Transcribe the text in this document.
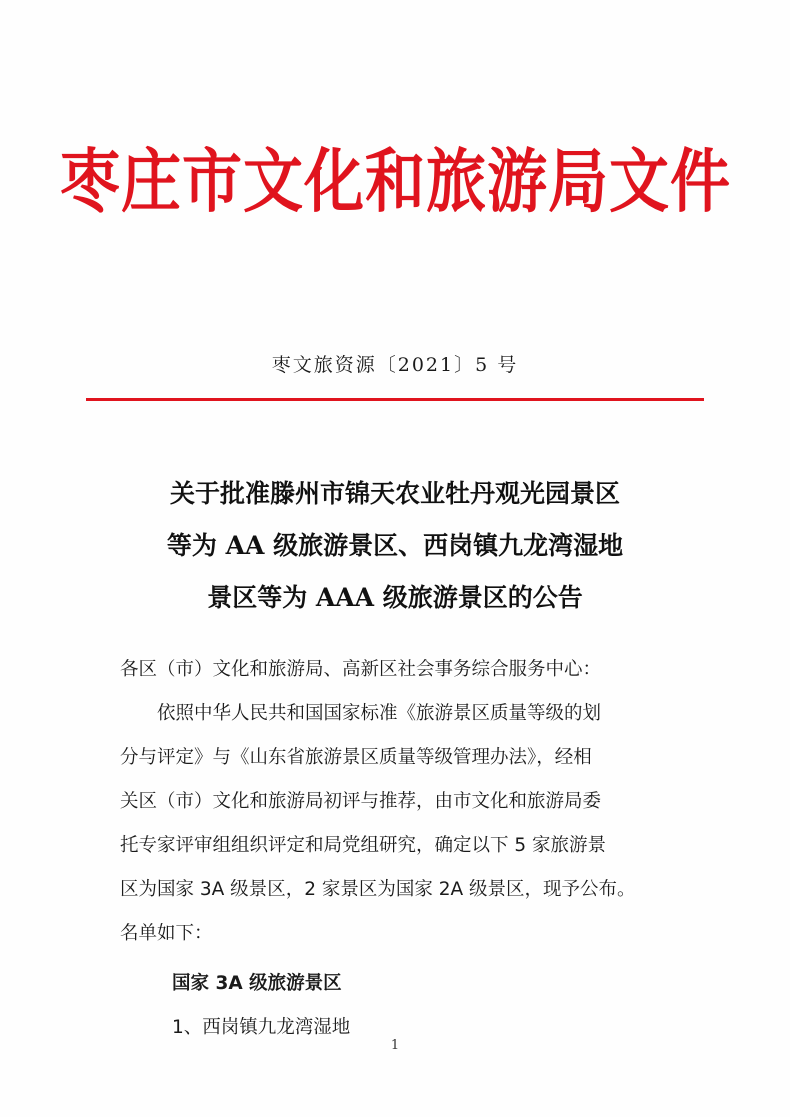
枣庄市文化和旅游局文件
枣文旅资源〔2021〕5 号
关于批准滕州市锦天农业牡丹观光园景区
等为 AA 级旅游景区、西岗镇九龙湾湿地
景区等为 AAA 级旅游景区的公告
各区（市）文化和旅游局、高新区社会事务综合服务中心：
依照中华人民共和国国家标准《旅游景区质量等级的划
分与评定》与《山东省旅游景区质量等级管理办法》，经相
关区（市）文化和旅游局初评与推荐，由市文化和旅游局委
托专家评审组组织评定和局党组研究，确定以下 5 家旅游景
区为国家 3A 级景区，2 家景区为国家 2A 级景区，现予公布。
名单如下：
国家 3A 级旅游景区
1、西岗镇九龙湾湿地
1
